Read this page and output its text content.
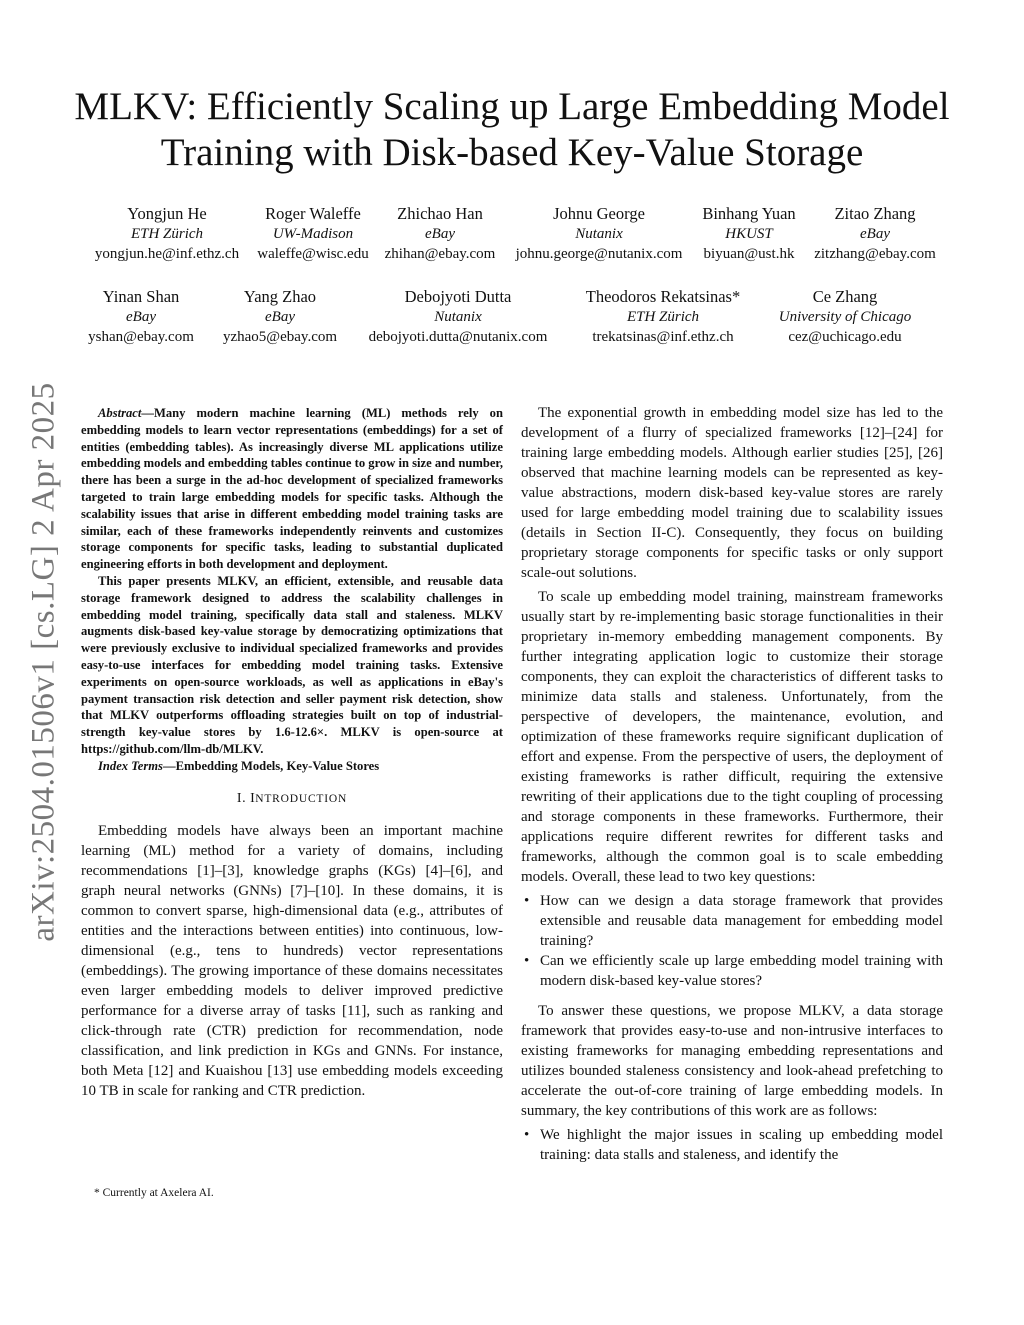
arXiv:2504.01506v1 [cs.LG] 2 Apr 2025
MLKV: Efficiently Scaling up Large Embedding Model Training with Disk-based Key-Value Storage
Yongjun He
ETH Zürich
yongjun.he@inf.ethz.ch
Roger Waleffe
UW-Madison
waleffe@wisc.edu
Zhichao Han
eBay
zhihan@ebay.com
Johnu George
Nutanix
johnu.george@nutanix.com
Binhang Yuan
HKUST
biyuan@ust.hk
Zitao Zhang
eBay
zitzhang@ebay.com
Yinan Shan
eBay
yshan@ebay.com
Yang Zhao
eBay
yzhao5@ebay.com
Debojyoti Dutta
Nutanix
debojyoti.dutta@nutanix.com
Theodoros Rekatsinas*
ETH Zürich
trekatsinas@inf.ethz.ch
Ce Zhang
University of Chicago
cez@uchicago.edu

Abstract—Many modern machine learning (ML) methods rely on embedding models to learn vector representations (embeddings) for a set of entities (embedding tables). As increasingly diverse ML applications utilize embedding models and embedding tables continue to grow in size and number, there has been a surge in the ad-hoc development of specialized frameworks targeted to train large embedding models for specific tasks. Although the scalability issues that arise in different embedding model training tasks are similar, each of these frameworks independently reinvents and customizes storage components for specific tasks, leading to substantial duplicated engineering efforts in both development and deployment.

This paper presents MLKV, an efficient, extensible, and reusable data storage framework designed to address the scalability challenges in embedding model training, specifically data stall and staleness. MLKV augments disk-based key-value storage by democratizing optimizations that were previously exclusive to individual specialized frameworks and provides easy-to-use interfaces for embedding model training tasks. Extensive experiments on open-source workloads, as well as applications in eBay's payment transaction risk detection and seller payment risk detection, show that MLKV outperforms offloading strategies built on top of industrial-strength key-value stores by 1.6-12.6×. MLKV is open-source at https://github.com/llm-db/MLKV.

Index Terms—Embedding Models, Key-Value Stores

I. INTRODUCTION

Embedding models have always been an important machine learning (ML) method for a variety of domains, including recommendations [1]–[3], knowledge graphs (KGs) [4]–[6], and graph neural networks (GNNs) [7]–[10]. In these domains, it is common to convert sparse, high-dimensional data (e.g., attributes of entities and the interactions between entities) into continuous, low-dimensional (e.g., tens to hundreds) vector representations (embeddings). The growing importance of these domains necessitates even larger embedding models to deliver improved predictive performance for a diverse array of tasks [11], such as ranking and click-through rate (CTR) prediction for recommendation, node classification, and link prediction in KGs and GNNs. For instance, both Meta [12] and Kuaishou [13] use embedding models exceeding 10 TB in scale for ranking and CTR prediction.

* Currently at Axelera AI.

The exponential growth in embedding model size has led to the development of a flurry of specialized frameworks [12]–[24] for training large embedding models. Although earlier studies [25], [26] observed that machine learning models can be represented as key-value abstractions, modern disk-based key-value stores are rarely used for large embedding model training due to scalability issues (details in Section II-C). Consequently, they focus on building proprietary storage components for specific tasks or only support scale-out solutions.

To scale up embedding model training, mainstream frameworks usually start by re-implementing basic storage functionalities in their proprietary in-memory embedding management components. By further integrating application logic to customize their storage components, they can exploit the characteristics of different tasks to minimize data stalls and staleness. Unfortunately, from the perspective of developers, the maintenance, evolution, and optimization of these frameworks require significant duplication of effort and expense. From the perspective of users, the deployment of existing frameworks is rather difficult, requiring the extensive rewriting of their applications due to the tight coupling of processing and storage components in these frameworks. Furthermore, their applications require different rewrites for different tasks and frameworks, although the common goal is to scale embedding models. Overall, these lead to two key questions:

• How can we design a data storage framework that provides extensible and reusable data management for embedding model training?
• Can we efficiently scale up large embedding model training with modern disk-based key-value stores?

To answer these questions, we propose MLKV, a data storage framework that provides easy-to-use and non-intrusive interfaces to existing frameworks for managing embedding representations and utilizes bounded staleness consistency and look-ahead prefetching to accelerate the out-of-core training of large embedding models. In summary, the key contributions of this work are as follows:

• We highlight the major issues in scaling up embedding model training: data stalls and staleness, and identify the
